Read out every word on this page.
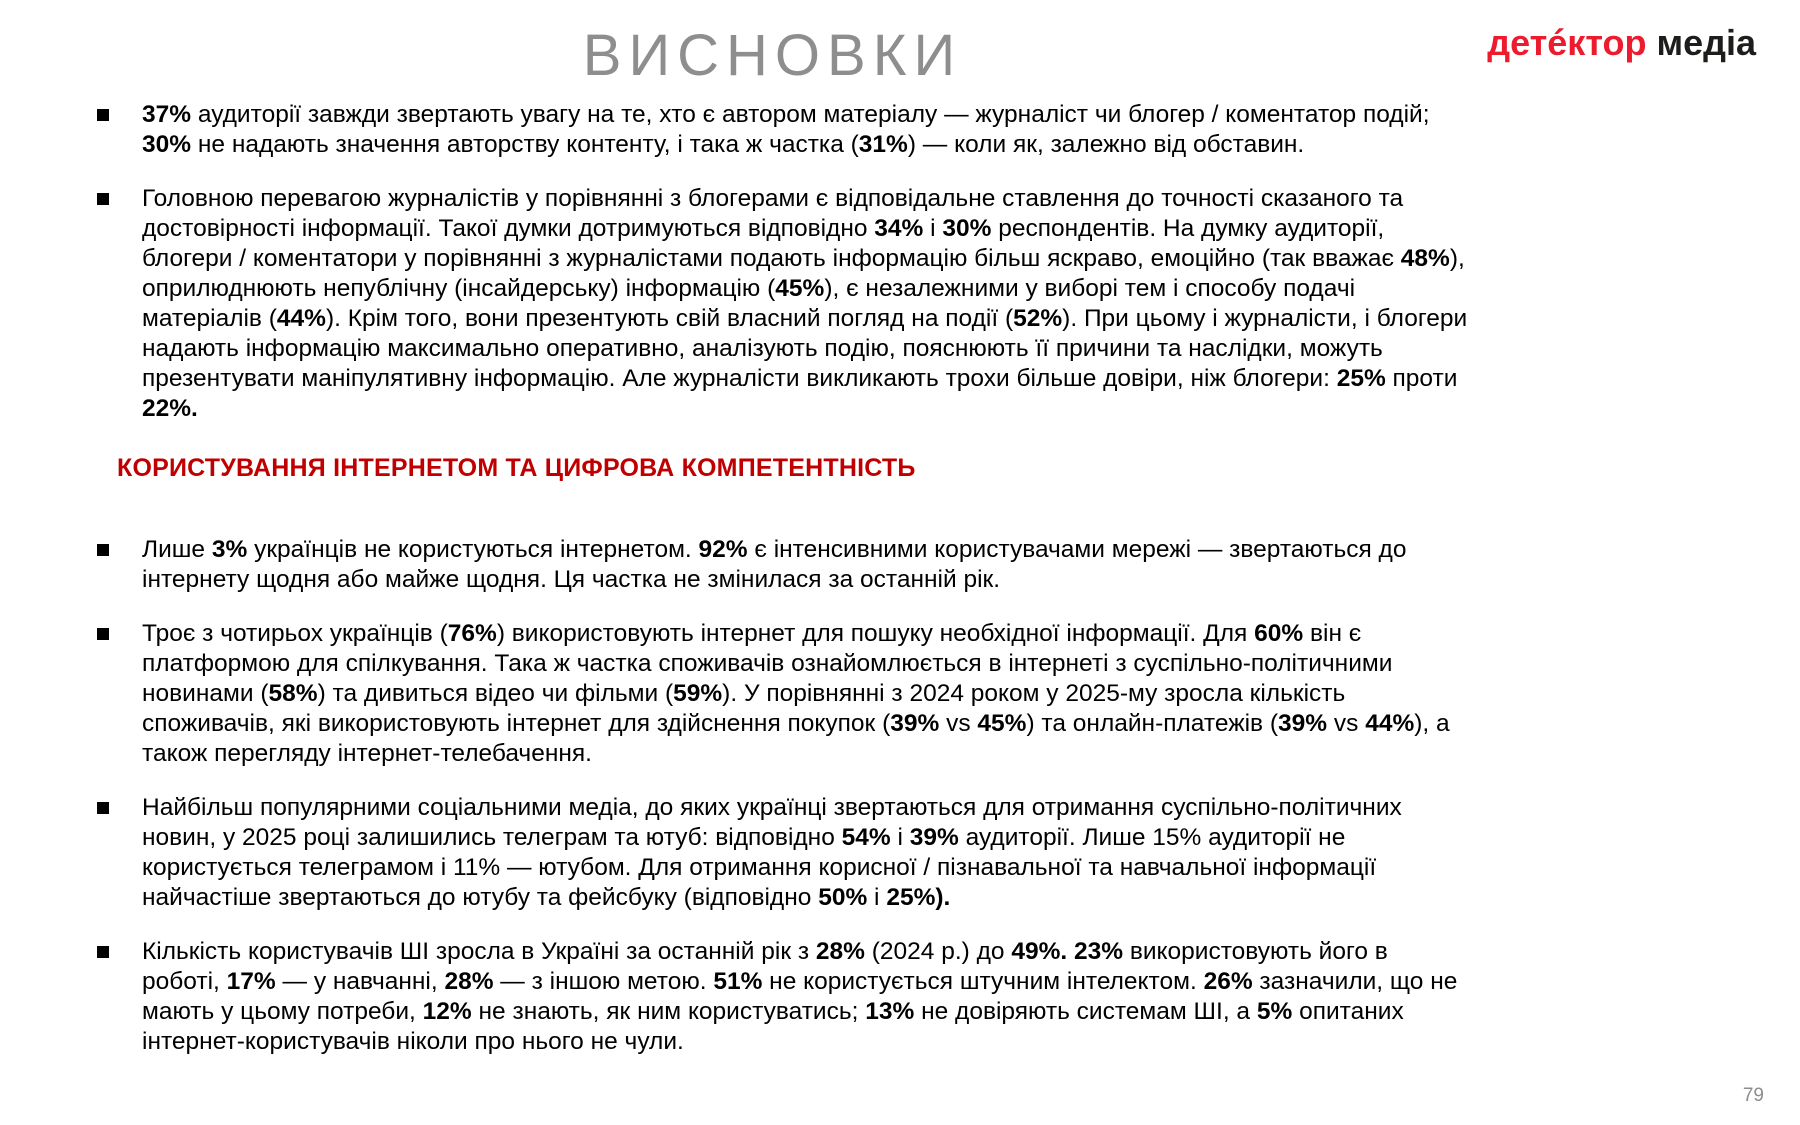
ВИСНОВКИ	детéктор медіа
37% аудиторії завжди звертають увагу на те, хто є автором матеріалу — журналіст чи блогер / коментатор подій; 30% не надають значення авторству контенту, і така ж частка (31%) — коли як, залежно від обставин.
Головною перевагою журналістів у порівнянні з блогерами є відповідальне ставлення до точності сказаного та достовірності інформації. Такої думки дотримуються відповідно 34% і 30% респондентів. На думку аудиторії, блогери / коментатори у порівнянні з журналістами подають інформацію більш яскраво, емоційно (так вважає 48%), оприлюднюють непублічну (інсайдерську) інформацію (45%), є незалежними у виборі тем і способу подачі матеріалів (44%). Крім того, вони презентують свій власний погляд на події (52%). При цьому і журналісти, і блогери надають інформацію максимально оперативно, аналізують подію, пояснюють її причини та наслідки, можуть презентувати маніпулятивну інформацію. Але журналісти викликають трохи більше довіри, ніж блогери: 25% проти 22%.
КОРИСТУВАННЯ ІНТЕРНЕТОМ ТА ЦИФРОВА КОМПЕТЕНТНІСТЬ
Лише 3% українців не користуються інтернетом. 92% є інтенсивними користувачами мережі — звертаються до інтернету щодня або майже щодня. Ця частка не змінилася за останній рік.
Троє з чотирьох українців (76%) використовують інтернет для пошуку необхідної інформації. Для 60% він є платформою для спілкування. Така ж частка споживачів ознайомлюється в інтернеті з суспільно-політичними новинами (58%) та дивиться відео чи фільми (59%). У порівнянні з 2024 роком у 2025-му зросла кількість споживачів, які використовують інтернет для здійснення покупок (39% vs 45%) та онлайн-платежів (39% vs 44%), а також перегляду інтернет-телебачення.
Найбільш популярними соціальними медіа, до яких українці звертаються для отримання суспільно-політичних новин, у 2025 році залишились телеграм та ютуб: відповідно 54% і 39% аудиторії. Лише 15% аудиторії не користується телеграмом і 11% — ютубом. Для отримання корисної / пізнавальної та навчальної інформації найчастіше звертаються до ютубу та фейсбуку (відповідно 50% і 25%).
Кількість користувачів ШІ зросла в Україні за останній рік з 28% (2024 р.) до 49%. 23% використовують його в роботі, 17% — у навчанні, 28% — з іншою метою. 51% не користується штучним інтелектом. 26% зазначили, що не мають у цьому потреби, 12% не знають, як ним користуватись; 13% не довіряють системам ШІ, а 5% опитаних інтернет-користувачів ніколи про нього не чули.
79
